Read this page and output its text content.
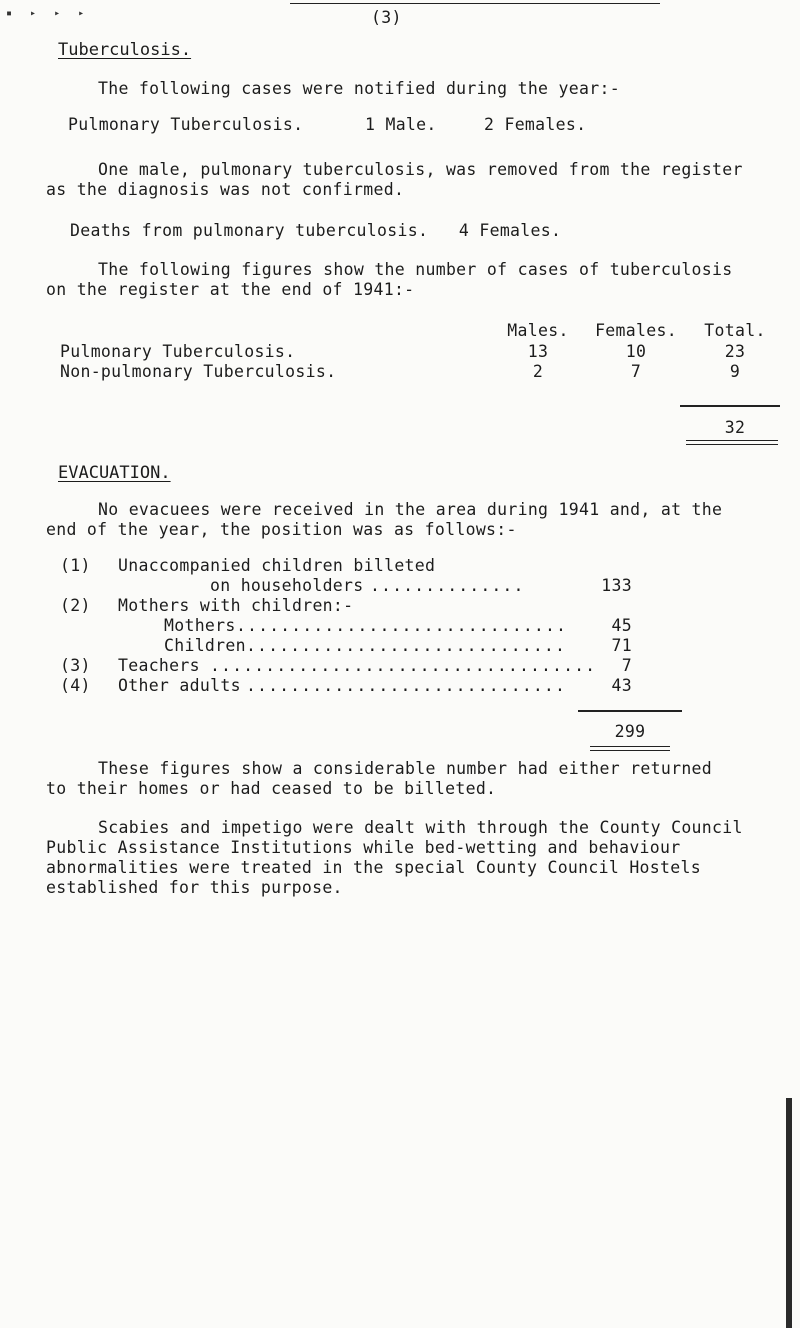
▪ ▸ ▸ ▸	(3)
Tuberculosis.
The following cases were notified during the year:-
Pulmonary Tuberculosis.	1 Male.	2 Females.
One male, pulmonary tuberculosis, was removed from the register
as the diagnosis was not confirmed.
Deaths from pulmonary tuberculosis.   4 Females.
The following figures show the number of cases of tuberculosis
on the register at the end of 1941:-
Males.	Females.	Total.
Pulmonary Tuberculosis.	13	10	23
Non-pulmonary Tuberculosis.	2	7	9
32
EVACUATION.
No evacuees were received in the area during 1941 and, at the
end of the year, the position was as follows:-
(1) Unaccompanied children billeted
on householders ..............	133
(2) Mothers with children:-
Mothers ..............................	45
Children .............................	71
(3) Teachers ...................................	7
(4) Other adults .............................	43
299
These figures show a considerable number had either returned
to their homes or had ceased to be billeted.
Scabies and impetigo were dealt with through the County Council
Public Assistance Institutions while bed-wetting and behaviour
abnormalities were treated in the special County Council Hostels
established for this purpose.
